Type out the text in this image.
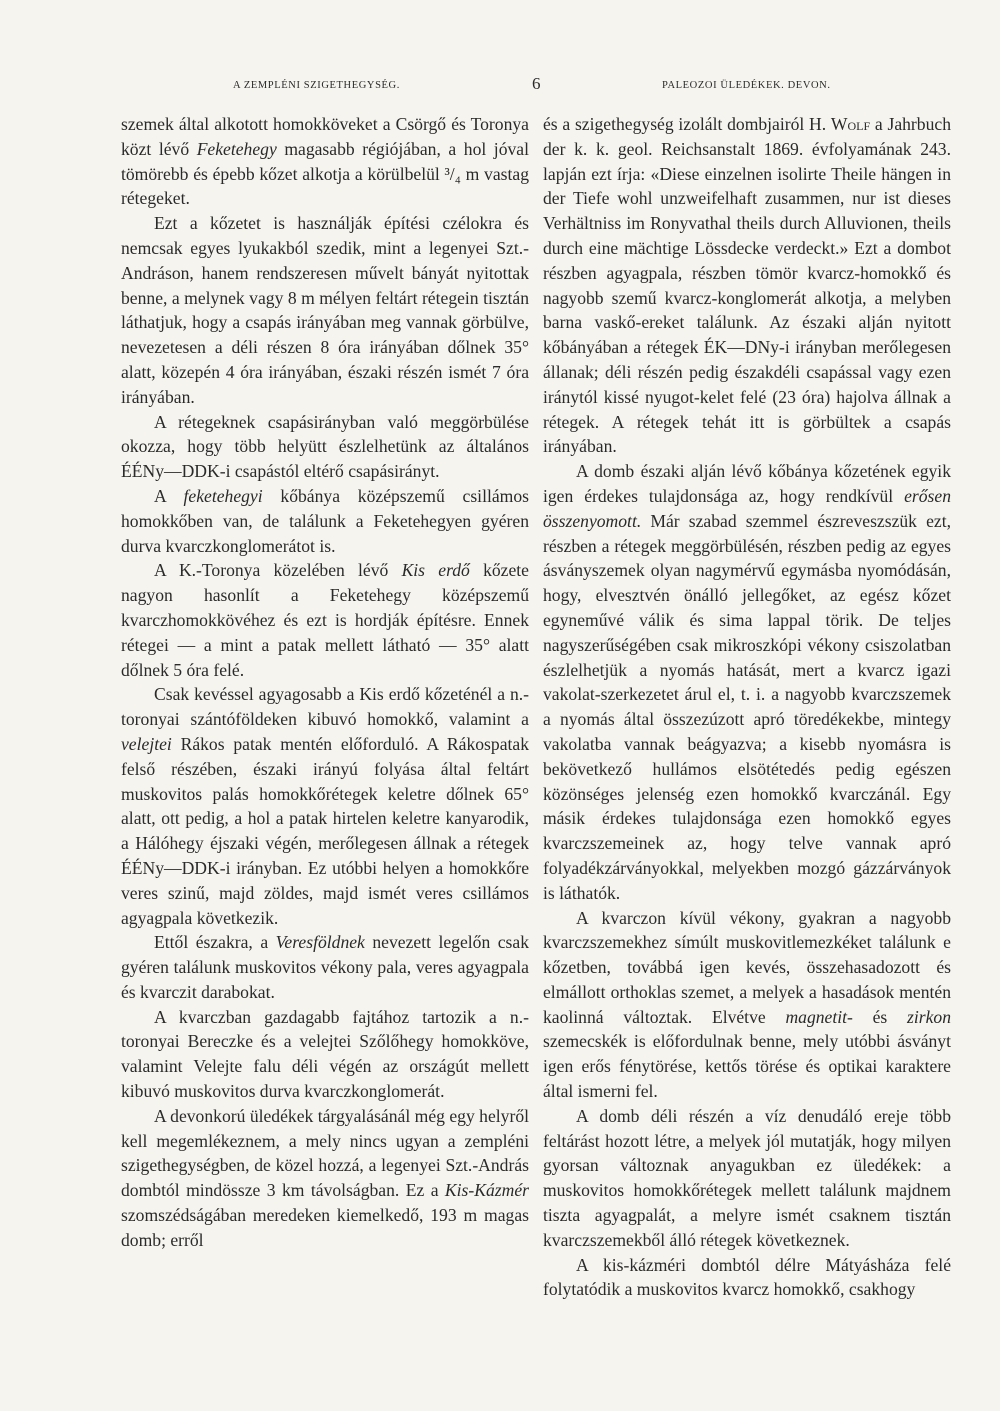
A ZEMPLÉNI SZIGETHEGYSÉG.	6	PALEOZOI ÜLEDÉKEK. DEVON.

szemek által alkotott homokköveket a Csörgő és Toronya közt lévő Feketehegy magasabb régiójában, a hol jóval tömörebb és épebb kőzet alkotja a körülbelül ³/₄ m vastag rétegeket.

Ezt a kőzetet is használják építési czélokra és nemcsak egyes lyukakból szedik, mint a legenyei Szt.-Andráson, hanem rendszeresen művelt bányát nyitottak benne, a melynek vagy 8 m mélyen feltárt rétegein tisztán láthatjuk, hogy a csapás irányában meg vannak görbülve, nevezetesen a déli részen 8 óra irányában dőlnek 35° alatt, közepén 4 óra irányában, északi részén ismét 7 óra irányában.

A rétegeknek csapásirányban való meggörbülése okozza, hogy több helyütt észlelhetünk az általános ÉÉNy—DDK-i csapástól eltérő csapásirányt.

A feketehegyi kőbánya középszemű csillámos homokkőben van, de találunk a Feketehegyen gyéren durva kvarczkonglomerátot is.

A K.-Toronya közelében lévő Kis erdő kőzete nagyon hasonlít a Feketehegy középszemű kvarczhomokkövéhez és ezt is hordják építésre. Ennek rétegei — a mint a patak mellett látható — 35° alatt dőlnek 5 óra felé.

Csak kevéssel agyagosabb a Kis erdő kőzeténél a n.-toronyai szántóföldeken kibuvó homokkő, valamint a velejtei Rákos patak mentén előforduló. A Rákospatak felső részében, északi irányú folyása által feltárt muskovitos palás homokkőrétegek keletre dőlnek 65° alatt, ott pedig, a hol a patak hirtelen keletre kanyarodik, a Hálóhegy éjszaki végén, merőlegesen állnak a rétegek ÉÉNy—DDK-i irányban. Ez utóbbi helyen a homokkőre veres szinű, majd zöldes, majd ismét veres csillámos agyagpala következik.

Ettől északra, a Veresföldnek nevezett legelőn csak gyéren találunk muskovitos vékony pala, veres agyagpala és kvarczit darabokat.

A kvarczban gazdagabb fajtához tartozik a n.-toronyai Bereczke és a velejtei Szőlőhegy homokköve, valamint Velejte falu déli végén az országút mellett kibuvó muskovitos durva kvarczkonglomerát.

A devonkorú üledékek tárgyalásánál még egy helyről kell megemlékeznem, a mely nincs ugyan a zempléni szigethegységben, de közel hozzá, a legenyei Szt.-András dombtól mindössze 3 km távolságban. Ez a Kis-Kázmér szomszédságában meredeken kiemelkedő, 193 m magas domb; erről

és a szigethegység izolált dombjairól H. Wolf a Jahrbuch der k. k. geol. Reichsanstalt 1869. évfolyamának 243. lapján ezt írja: «Diese einzelnen isolirte Theile hängen in der Tiefe wohl unzweifelhaft zusammen, nur ist dieses Verhältniss im Ronyvathal theils durch Alluvionen, theils durch eine mächtige Lössdecke verdeckt.» Ezt a dombot részben agyagpala, részben tömör kvarcz-homokkő és nagyobb szemű kvarcz-konglomerát alkotja, a melyben barna vaskő-ereket találunk. Az északi alján nyitott kőbányában a rétegek ÉK—DNy-i irányban merőlegesen állanak; déli részén pedig északdéli csapással vagy ezen iránytól kissé nyugot-kelet felé (23 óra) hajolva állnak a rétegek. A rétegek tehát itt is görbültek a csapás irányában.

A domb északi alján lévő kőbánya kőzetének egyik igen érdekes tulajdonsága az, hogy rendkívül erősen összenyomott. Már szabad szemmel észreveszszük ezt, részben a rétegek meggörbülésén, részben pedig az egyes ásványszemek olyan nagymérvű egymásba nyomódásán, hogy, elvesztvén önálló jellegőket, az egész kőzet egyneművé válik és sima lappal törik. De teljes nagyszerűségében csak mikroszkópi vékony csiszolatban észlelhetjük a nyomás hatását, mert a kvarcz igazi vakolat-szerkezetet árul el, t. i. a nagyobb kvarczszemek a nyomás által összezúzott apró töredékekbe, mintegy vakolatba vannak beágyazva; a kisebb nyomásra is bekövetkező hullámos elsötétedés pedig egészen közönséges jelenség ezen homokkő kvarczánál. Egy másik érdekes tulajdonsága ezen homokkő egyes kvarczszemeinek az, hogy telve vannak apró folyadékzárványokkal, melyekben mozgó gázzárványok is láthatók.

A kvarczon kívül vékony, gyakran a nagyobb kvarczszemekhez símúlt muskovitlemezkéket találunk e kőzetben, továbbá igen kevés, összehasadozott és elmállott orthoklas szemet, a melyek a hasadások mentén kaolinná változtak. Elvétve magnetit- és zirkon szemecskék is előfordulnak benne, mely utóbbi ásványt igen erős fénytörése, kettős törése és optikai karaktere által ismerni fel.

A domb déli részén a víz denudáló ereje több feltárást hozott létre, a melyek jól mutatják, hogy milyen gyorsan változnak anyagukban ez üledékek: a muskovitos homokkőrétegek mellett találunk majdnem tiszta agyagpalát, a melyre ismét csaknem tisztán kvarczszemekből álló rétegek következnek.

A kis-kázméri dombtól délre Mátyásháza felé folytatódik a muskovitos kvarcz homokkő, csakhogy
